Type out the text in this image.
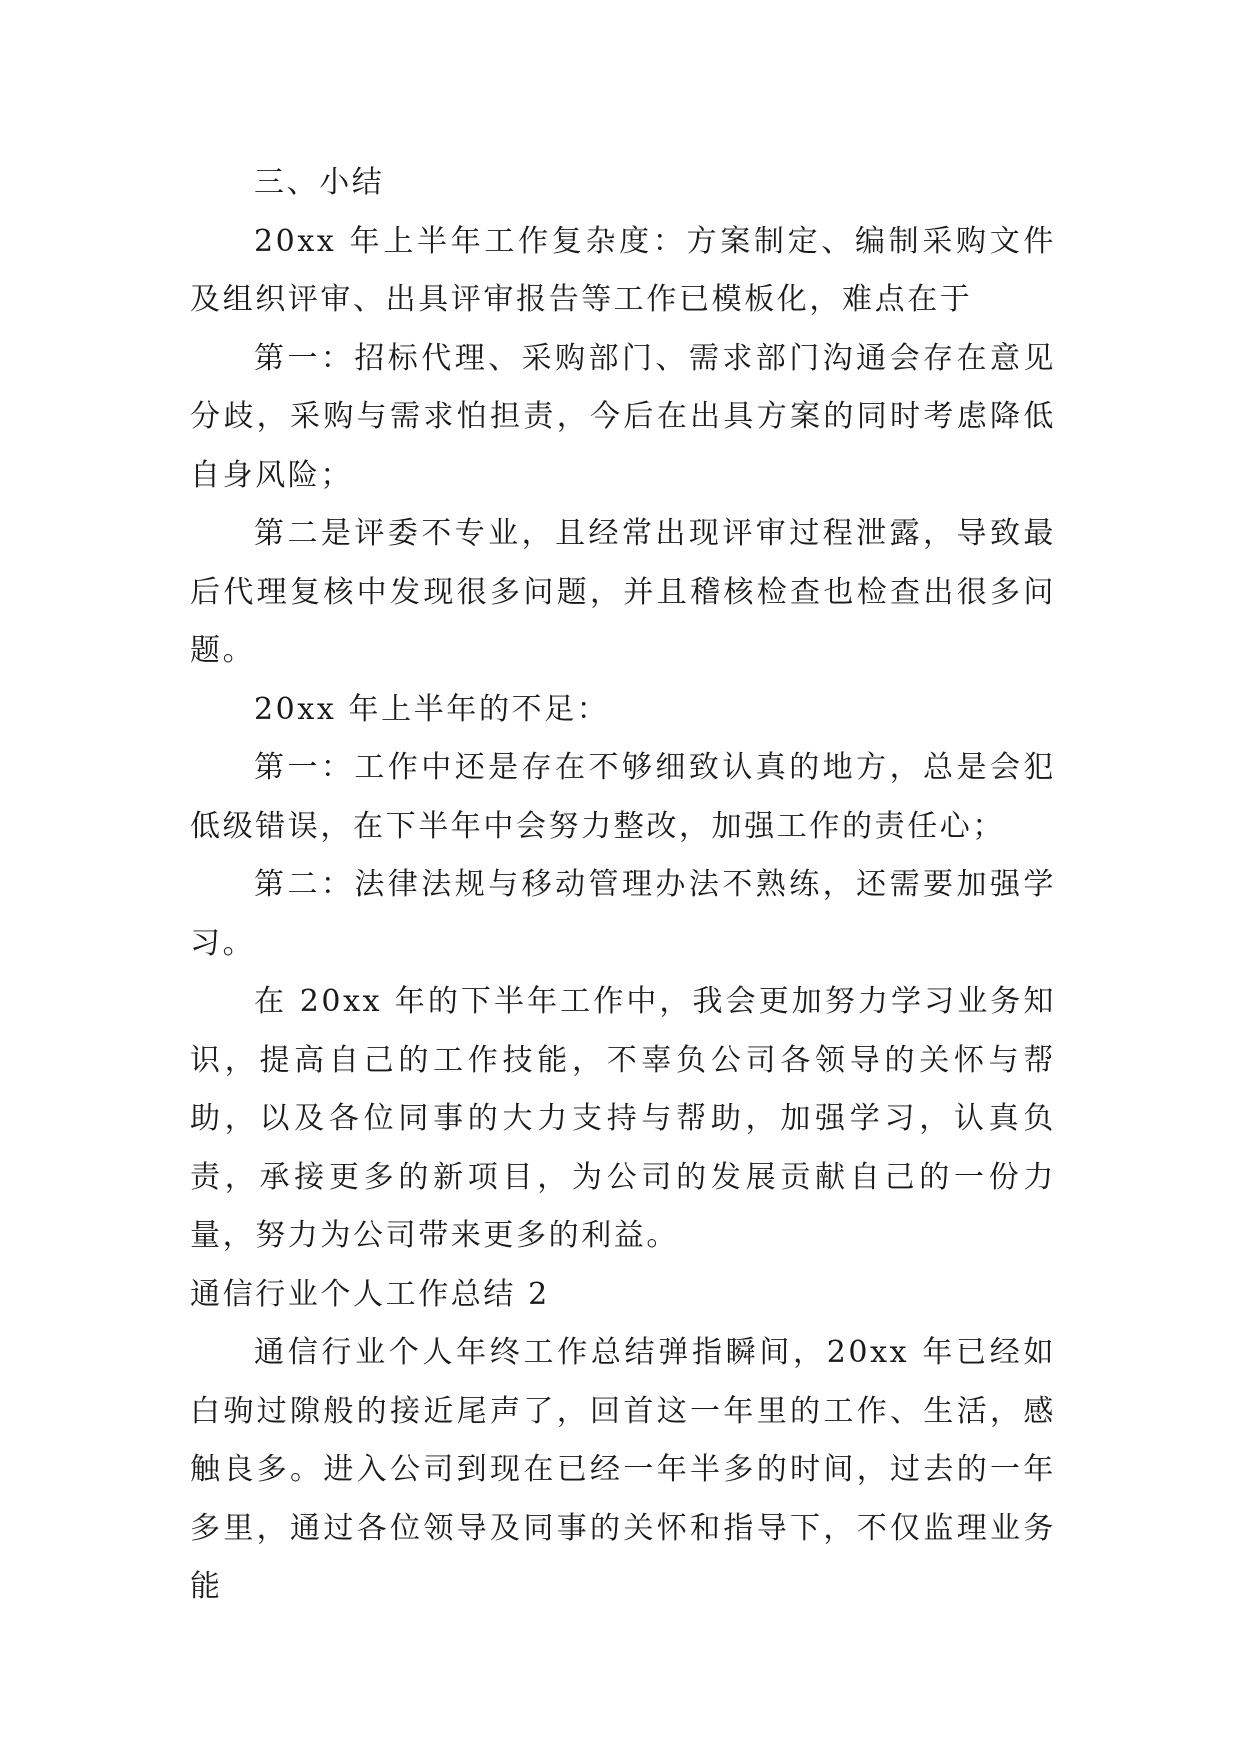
三、小结

20xx 年上半年工作复杂度：方案制定、编制采购文件及组织评审、出具评审报告等工作已模板化，难点在于

第一：招标代理、采购部门、需求部门沟通会存在意见分歧，采购与需求怕担责，今后在出具方案的同时考虑降低自身风险；

第二是评委不专业，且经常出现评审过程泄露，导致最后代理复核中发现很多问题，并且稽核检查也检查出很多问题。

20xx 年上半年的不足：

第一：工作中还是存在不够细致认真的地方，总是会犯低级错误，在下半年中会努力整改，加强工作的责任心；

第二：法律法规与移动管理办法不熟练，还需要加强学习。

在 20xx 年的下半年工作中，我会更加努力学习业务知识，提高自己的工作技能，不辜负公司各领导的关怀与帮助，以及各位同事的大力支持与帮助，加强学习，认真负责，承接更多的新项目，为公司的发展贡献自己的一份力量，努力为公司带来更多的利益。

通信行业个人工作总结 2

通信行业个人年终工作总结弹指瞬间，20xx 年已经如白驹过隙般的接近尾声了，回首这一年里的工作、生活，感触良多。进入公司到现在已经一年半多的时间，过去的一年多里，通过各位领导及同事的关怀和指导下，不仅监理业务能
